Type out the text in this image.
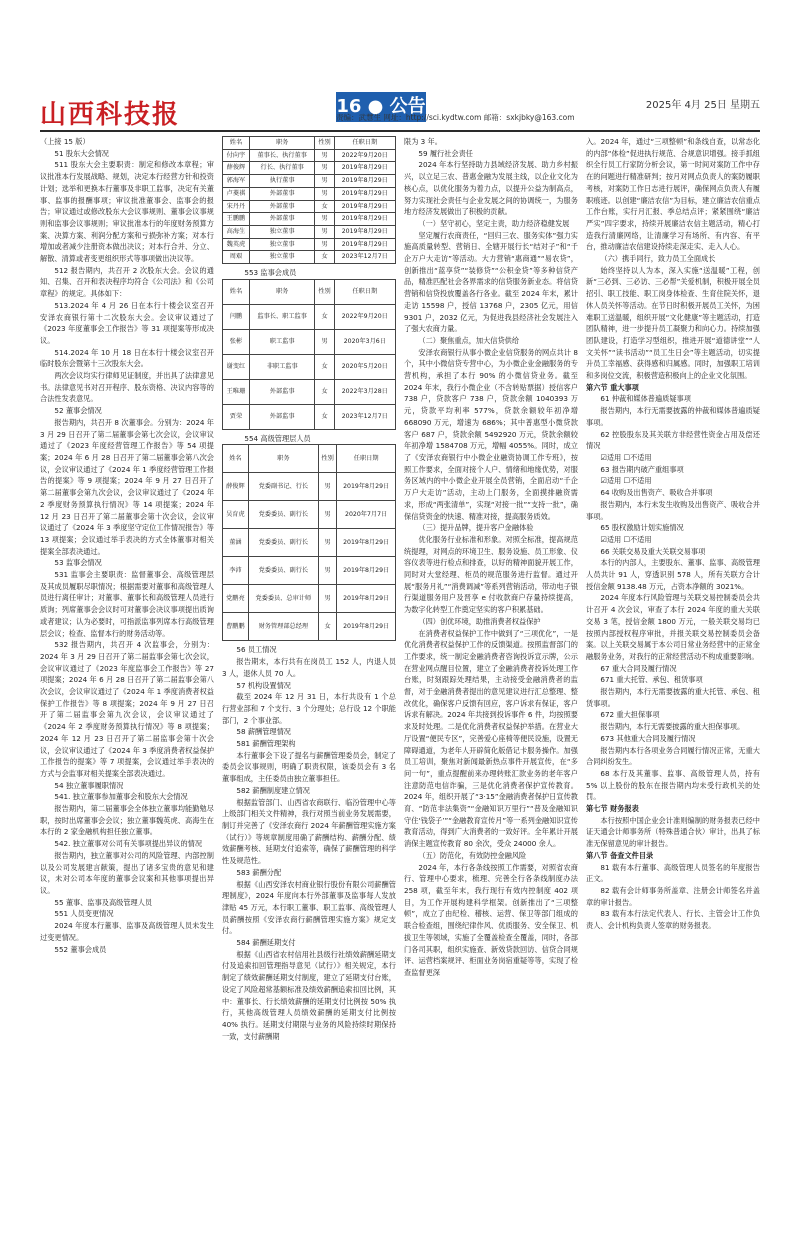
山西科技报	16 ● 公告	2025年 4月 25日 星期五
责编：武慧生 网址：http://sci.kydtw.com 邮箱：sxkjbky@163.com

（上接 15 版）

51 股东大会情况

511 股东大会主要职责：制定和修改本章程；审议批准本行发展战略、规划，决定本行经营方针和投资计划；选举和更换本行董事及非职工监事，决定有关董事、监事的报酬事项；审议批准董事会、监事会的报告；审议通过或修改股东大会议事规则、董事会议事规则和监事会议事规则；审议批准本行的年度财务预算方案、决算方案、利润分配方案和亏损弥补方案；对本行增加或者减少注册资本做出决议；对本行合并、分立、解散、清算或者变更组织形式等事项做出决议等。

512 报告期内，共召开 2 次股东大会。会议的通知、召集、召开和表决程序均符合《公司法》和《公司章程》的规定。具体如下：

513.2024 年 4 月 26 日在本行十楼会议室召开安泽农商银行第十二次股东大会。会议审议通过了《2023 年度董事会工作报告》等 31 项提案等形成决议。

514.2024 年 10 月 18 日在本行十楼会议室召开临时股东会暨第十三次股东大会。

两次会议均实行律师见证制度，并出具了法律意见书。法律意见书对召开程序、股东资格、决议内容等的合法性发表意见。

52 董事会情况

报告期内，共召开 8 次董事会。分别为：2024 年 3 月 29 日召开了第二届董事会第七次会议，会议审议通过了《2023 年度经营管理工作报告》等 54 项提案；2024 年 6 月 28 日召开了第二届董事会第八次会议，会议审议通过了《2024 年 1 季度经营管理工作报告的提案》等 9 项提案；2024 年 9 月 27 日召开了第二届董事会第九次会议，会议审议通过了《2024 年 2 季度财务预算执行情况》等 14 项提案；2024 年 12 月 23 日召开了第二届董事会第十次会议，会议审议通过了《2024 年 3 季度坚守定位工作情况报告》等 13 项提案；会议通过举手表决的方式全体董事对相关提案全部表决通过。

53 监事会情况

531 监事会主要职责：监督董事会、高级管理层及其成员履职尽职情况；根据需要对董事和高级管理人员进行离任审计；对董事、董事长和高级管理人员进行质询；列席董事会会议时可对董事会决议事项提出质询或者建议；认为必要时，可指派监事列席本行高级管理层会议；检查、监督本行的财务活动等。

532 报告期内，共召开 4 次监事会，分别为：2024 年 3 月 29 日召开了第二届监事会第七次会议，会议审议通过了《2023 年度监事会工作报告》等 27 项提案；2024 年 6 月 28 日召开了第二届监事会第八次会议，会议审议通过了《2024 年 1 季度消费者权益保护工作报告》等 8 项提案；2024 年 9 月 27 日召开了第二届监事会第九次会议，会议审议通过了《2024 年 2 季度财务预算执行情况》等 8 项提案；2024 年 12 月 23 日召开了第二届监事会第十次会议，会议审议通过了《2024 年 3 季度消费者权益保护工作报告的提案》等 7 项提案，会议通过举手表决的方式与会监事对相关提案全部表决通过。

54 独立董事履职情况

541. 独立董事参加董事会和股东大会情况

报告期内，第二届董事会全体独立董事均能勤勉尽职，按时出席董事会会议；独立董事魏英虎、高海生在本行的 2 家金融机构担任独立董事。

542. 独立董事对公司有关事项提出异议的情况

报告期内，独立董事对公司的风险管理、内部控制以及公司发展建言献策，提出了诸多宝贵的意见和建议，未对公司本年度的董事会议案和其他事项提出异议。

55 董事、监事及高级管理人员

551 人员变更情况

2024 年度本行董事、监事及高级管理人员未发生过变更情况。

552 董事会成员

姓名	职务	性别	任职日期
付向宇	董事长、执行董事	男	2022年9月20日
薛俊辉	行长、执行董事	男	2019年8月29日
郭海军	执行董事	男	2019年8月29日
卢菱祺	外部董事	男	2019年8月29日
宋丹丹	外部董事	女	2019年8月29日
王鹏鹏	外部董事	男	2019年8月29日
高海生	独立董事	男	2019年8月29日
魏英虎	独立董事	男	2019年8月29日
周艰	独立董事	女	2023年12月7日

553 监事会成员

姓名	职务	性别	任职日期
闫鹏	监事长、职工监事	女	2022年9月20日
张彬	职工监事	男	2020年3月6日
谢变红	非职工监事	女	2020年5月20日
王唯珊	外部监事	女	2022年3月28日
贾荣	外部监事	女	2023年12月7日

554 高级管理层人员

姓名	职务	性别	任职日期
薛俊辉	党委副书记、行长	男	2019年8月29日
吴育虎	党委委员、副行长	男	2020年7月7日
董涵	党委委员、副行长	男	2019年8月29日
李沛	党委委员、副行长	男	2019年8月29日
党鹏亮	党委委员、总审计师	男	2019年8月29日
曹鹏鹏	财务管理部总经理	女	2019年8月29日

56 员工情况

报告期末，本行共有在岗员工 152 人，内退人员 3 人，退休人员 70 人。

57 机构设置情况

截至 2024 年 12 月 31 日，本行共设有 1 个总行营业部和 7 个支行、3 个分理处；总行设 12 个职能部门，2 个事业部。

58 薪酬管理情况

581 薪酬管理架构

本行董事会下设了提名与薪酬管理委员会，制定了委员会议事规则，明确了职责权限，该委员会有 3 名董事组成，主任委员由独立董事担任。

582 薪酬制度建立情况

根据监管部门、山西省农商联行、临汾管理中心等上级部门相关文件精神，我行对照当前业务发展需要，制订并完善了《安泽农商行 2024 年薪酬管理实施方案（试行）》等规章制度用确了薪酬结构、薪酬分配、绩效薪酬考核、延期支付追索等，确保了薪酬管理的科学性及规范性。

583 薪酬分配

根据《山西安泽农村商业银行股份有限公司薪酬管理制度》，2024 年度向本行外部董事及监事每人发放津贴 45 万元，本行职工董事、职工监事、高级管理人员薪酬按照《安泽农商行薪酬管理实施方案》规定支付。

584 薪酬延期支付

根据《山西省农村信用社县级行社绩效薪酬延期支付及追索扣回管理指导意见（试行）》相关规定，本行制定了绩效薪酬延期支付制度，建立了延期支付台账，设定了风险超常基额标准及绩效薪酬追索扣回比例，其中：董事长、行长绩效薪酬的延期支付比例按 50% 执行，其他高级管理人员绩效薪酬的延期支付比例按 40% 执行。延期支付期限与业务的风险持续时期保持一致，支付薪酬期

限为 3 年。

59 履行社会责任

2024 年本行坚持助力县域经济发展、助力乡村振兴，以立足三农、普惠金融为发展主线，以企业文化为核心点，以优化服务为着力点，以提升公益为制高点，努力实现社会责任与企业发展之间的协调统一，为服务地方经济发展做出了积极的贡献。

（一）坚守初心，坚定主责，助力经济稳健发展

坚定履行农商责任，“回归三农、服务实体”强力实施高质量转型、营销日、全辖开展行长“结对子”和“千企万户大走访”等活动。大力营销“惠商通”“易农贷”，创新推出“蓝享贷”“装修贷”“公积金贷”等多种信贷产品，精准匹配社会各界需求的信贷服务新业态。将信贷营销和信贷投放覆盖各行各业。截至 2024 年末，累计走访 15598 户，授信 13768 户，2305 亿元，用信 9301 户，2032 亿元，为促进我县经济社会发展注入了强大农商力量。

（二）聚焦重点，加大信贷供给

安泽农商银行从事小微企业信贷服务的网点共计 8 个，其中小微信贷专营中心，为小微企业金融服务的专营机构，承担了本行 90% 的小微信贷业务。截至 2024 年末，我行小微企业（不含转贴票据）授信客户 738 户，贷款客户 738 户，贷款余额 1040393 万元，贷款平均利率 577%，贷款余额较年初净增 668090 万元，增速为 686%；其中普惠型小微贷款客户 687 户，贷款余额 5492920 万元，贷款余额较年初净增 1584708 万元，增幅 4055%。同时，成立了《安泽农商银行中小微企业融资协调工作专班》，按照工作要求，全面对接个人户、情绪和地缘优势，对服务区域内的中小微企业开展全员营销，全面启动“千企万户大走访”活动，主动上门服务，全面摸排融资需求，形成“两张清单”，实现“对接一批”“支持一批”，确保信贷资金的快速、精准对接，提高服务质效。

（三）提升品牌，提升客户金融体验

优化服务行业标准和形象。对照全标准，提高规范统提理，对网点的环境卫生、服务设施、员工形象、仪容仪表等进行检点和排查，以好的精神面貌开展工作，同时对大堂经理、柜员的规范服务进行监督。通过开展“服务月礼”“消费调减”等系列营销活动，带动电子银行渠道服务用户及晋享 e 付收款商户存量持续提高，为数字化转型工作奠定坚实的客户积累基础。

（四）创优环境，助推消费者权益保护

在消费者权益保护工作中做到了“三项优化”，一是优化消费者权益保护工作的反馈渠道。按照监督部门的工作要求，统一制定金融消费者咨询投诉宣示牌，公示在营业网点醒目位置，建立了金融消费者投诉处理工作台账，时刻跟踪处理结果，主动接受金融消费者的监督，对于金融消费者提出的意见建议进行汇总整理、整改优化，确保客户反馈有回应，客户诉求有保证，客户诉求有解决。2024 年共接到投诉事件 6 件，均按照要求及时处理。二是优化消费者权益保护举措。在营业大厅设置“便民专区”，完善爱心座椅等便民设施，设置无障碍通道，为老年人开辟简化版借记卡服务操作。加强员工培训，聚焦对新闻最新热点事件开展宣传，在“多问一句”，重点提醒前来办理转账汇款业务的老年客户注意防范电信诈骗，三是优化消费者保护宣传教育。2024 年，组织开展了“3·15”金融消费者保护日宣传教育、“防范非法集资”“金融知识万里行”“普及金融知识守住‘钱袋子’”“金融教育宣传月”等一系列金融知识宣传教育活动，得到广大消费者的一致好评。全年累计开展消保主题宣传教育 80 余次，受众 24000 余人。

（五）防范化，有效防控金融风险

2024 年，本行各条线按照工作需要，对照省农商行、管理中心要求，梳理、完善全行各条线制度办法 258 项，截至年末，我行现行有效内控制度 402 项目，为工作开展构建科学框架。创新推出了“三项整顿”，成立了由纪检、稽核、运营、保卫等部门组成的联合检查组，围绕纪律作风、优质服务、安全保卫、机拔卫生等领域，实施了全覆盖检查全覆盖，同时，各部门各司其职，组织实施查、新效贷款回访、信贷合同规评、运营档案规评、柜面业务岗宿重疑等等，实现了检查监督更深

入。2024 年，通过“三项整顿”和条线自查，以常态化的内部“体检”促进执行规范、合规意识增强。接手抓组织全行员工行家防分析会议，第一时间对案防工作中存在的问题进行精准研判；按月对网点负责人的案防履职考核，对案防工作日志进行展评，确保网点负责人有履职痕迹。以创建“廉洁农信”为目标，建立廉洁农信重点工作台账，实行月汇报、季总结点评；紧紧围绕“廉洁严实”四字要求，持续开展廉洁农信主题活动，精心打造我行清廉网络，让清廉学习有场所、有内容、有平台，推动廉洁农信建设持续走深走实、走入人心。

（六）携手同行，致力员工全面成长

始终坚持以人为本，深入实施“送温暖”工程，创新“三必到、三必访、三必帮”关爱机制，积极开展全员招引、职工技能、职工岗身体检查、生育住院关怀，退休人员关怀等活动。在节日时积极开展员工关怀，为困难职工送温暖，组织开展“文化健康”等主题活动，打造团队精神，进一步提升员工凝聚力和向心力。持续加强团队建设，打造学习型组织，推进开展“道德讲堂”“人文关怀”“读书活动”“员工生日会”等主题活动，切实提升员工幸福感、获得感和归属感。同时，加强职工培训和多岗位交流，积极营造积极向上的企业文化氛围。

第六节 重大事项

61 仲裁和媒体普遍质疑事项

报告期内，本行无需要披露的仲裁和媒体普遍质疑事项。

62 控股股东及其关联方非经营性资金占用及偿还情况

☑适用 ☐不适用

63 报告期内破产重组事项

☑适用 ☐不适用

64 收购及出售资产、吸收合并事项

报告期内，本行未发生收购及出售资产、吸收合并事项。

65 股权激励计划实施情况

☑适用 ☐不适用

66 关联交易及重大关联交易事项

本行的内部人，主要股东、董事、监事、高级管理人员共计 91 人，穿透识别 578 人，所有关联方合计授信金额 9138.48 万元，占资本净额的 3021%。

2024 年度本行风险管理与关联交易控制委员会共计召开 4 次会议，审查了本行 2024 年度的重大关联交易 3 笔，授信金额 1800 万元，一般关联交易均已按照内部授权程序审批，并报关联交易控制委员会备案。以上关联交易属于本公司日常业务经营中的正常金融服务业务，对我行的正常经营活动不构成重要影响。

67 重大合同及履行情况

671 重大托管、承包、租赁事项

报告期内，本行无需要披露的重大托管、承包、租赁事项。

672 重大担保事项

报告期内，本行无需要披露的重大担保事项。

673 其他重大合同及履行情况

报告期内本行各项业务合同履行情况正常，无重大合同纠纷发生。

68 本行及其董事、监事、高级管理人员，持有 5% 以上股份的股东在报告期内均未受行政机关的处罚。

第七节 财务报表

本行按照中国企业会计准则编制的财务报表已经中证天通会计师事务所（特殊普通合伙）审计，出具了标准无保留意见的审计报告。

第八节 备查文件目录

81 载有本行董事、高级管理人员签名的年度报告正文。

82 载有会计师事务所盖章、注册会计师签名并盖章的审计报告。

83 载有本行法定代表人、行长、主管会计工作负责人、会计机构负责人签章的财务报表。
